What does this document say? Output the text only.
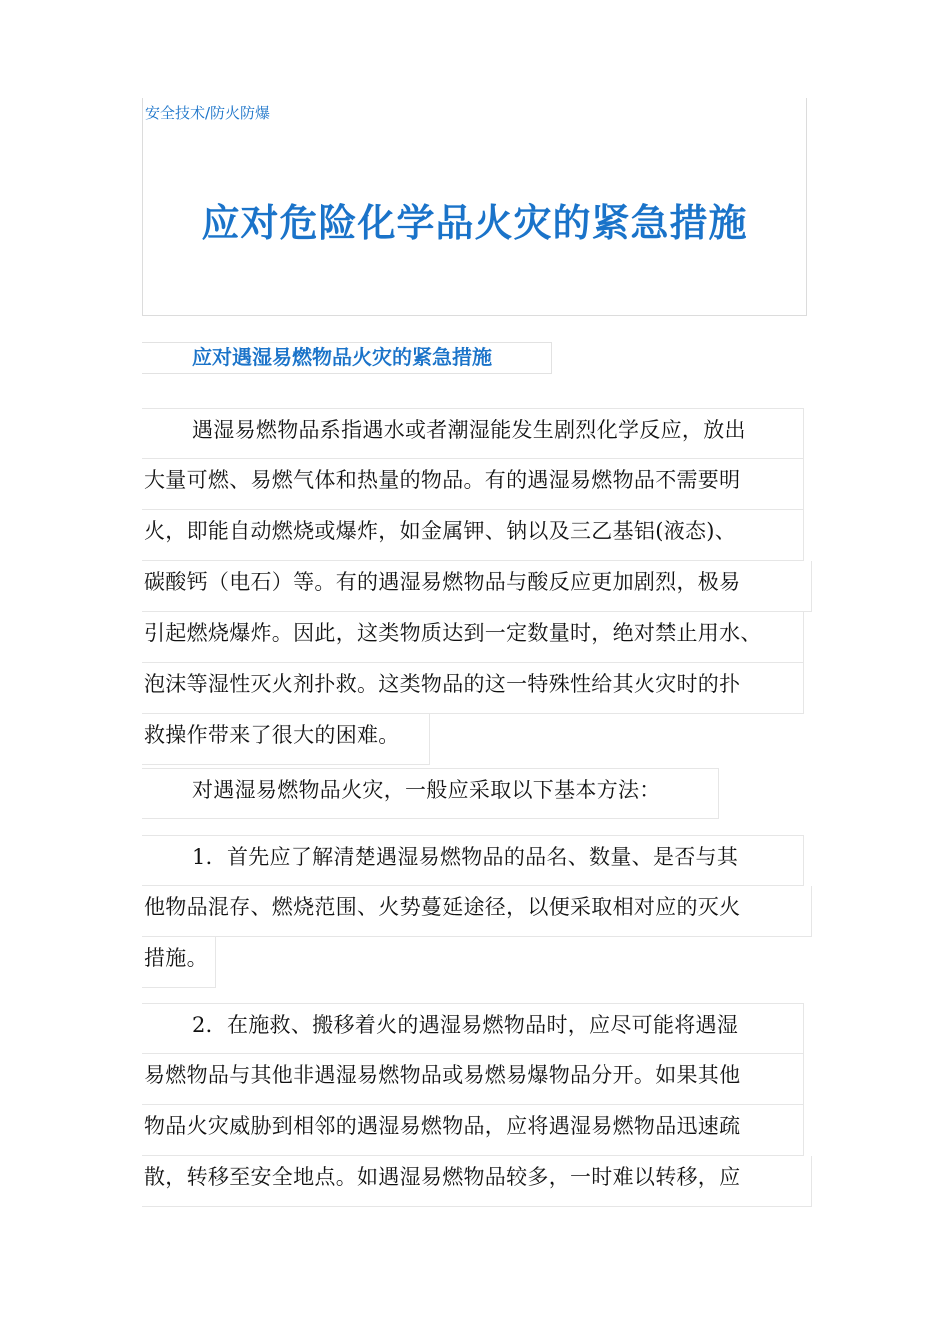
安全技术/防火防爆
应对危险化学品火灾的紧急措施
应对遇湿易燃物品火灾的紧急措施
遇湿易燃物品系指遇水或者潮湿能发生剧烈化学反应，放出
大量可燃、易燃气体和热量的物品。有的遇湿易燃物品不需要明
火，即能自动燃烧或爆炸，如金属钾、钠以及三乙基铝(液态)、
碳酸钙（电石）等。有的遇湿易燃物品与酸反应更加剧烈，极易
引起燃烧爆炸。因此，这类物质达到一定数量时，绝对禁止用水、
泡沫等湿性灭火剂扑救。这类物品的这一特殊性给其火灾时的扑
救操作带来了很大的困难。
对遇湿易燃物品火灾，一般应采取以下基本方法：
1．首先应了解清楚遇湿易燃物品的品名、数量、是否与其
他物品混存、燃烧范围、火势蔓延途径，以便采取相对应的灭火
措施。
2．在施救、搬移着火的遇湿易燃物品时，应尽可能将遇湿
易燃物品与其他非遇湿易燃物品或易燃易爆物品分开。如果其他
物品火灾威胁到相邻的遇湿易燃物品，应将遇湿易燃物品迅速疏
散，转移至安全地点。如遇湿易燃物品较多，一时难以转移，应
